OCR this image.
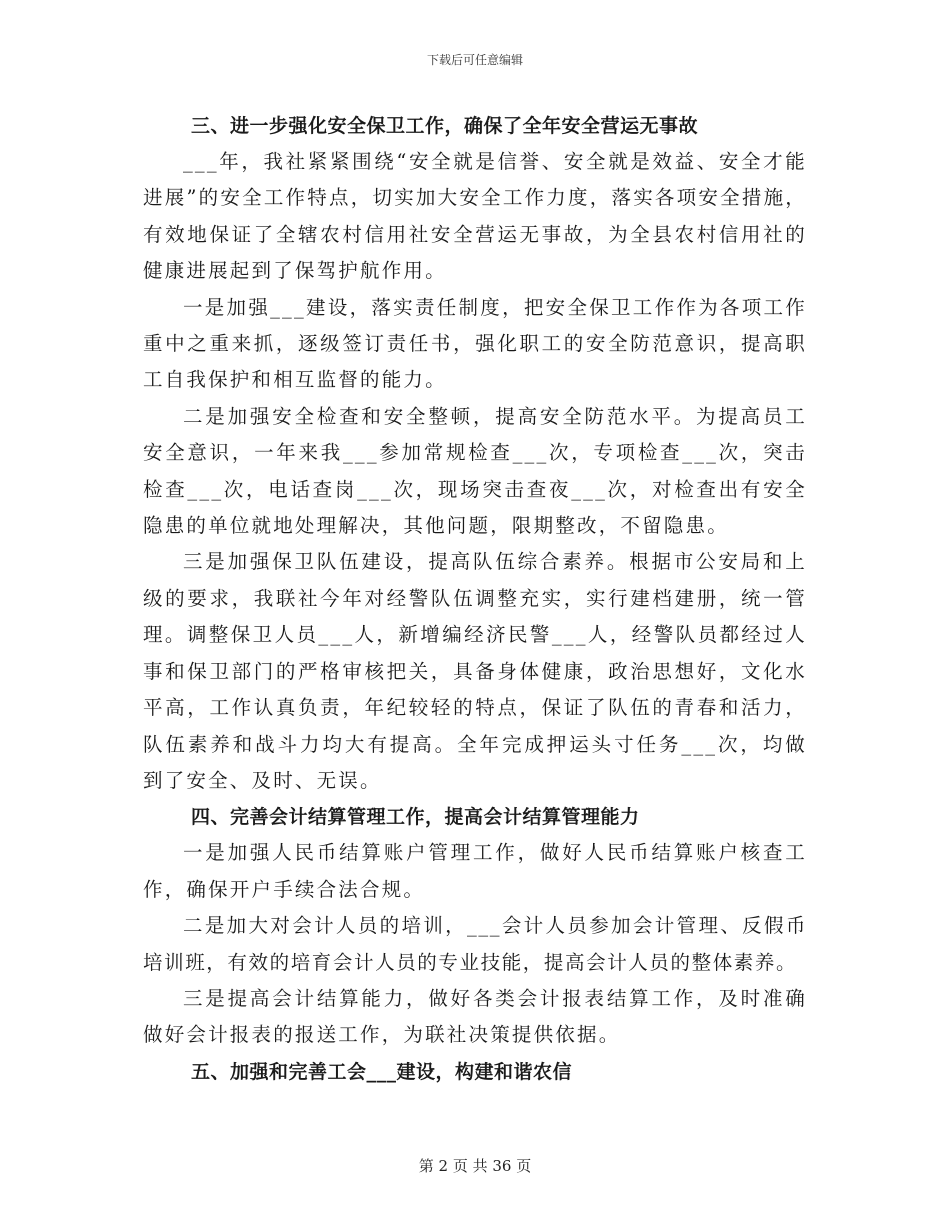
下载后可任意编辑
三、进一步强化安全保卫工作，确保了全年安全营运无事故

___年，我社紧紧围绕“安全就是信誉、安全就是效益、安全才能进展”的安全工作特点，切实加大安全工作力度，落实各项安全措施，有效地保证了全辖农村信用社安全营运无事故，为全县农村信用社的健康进展起到了保驾护航作用。

一是加强___建设，落实责任制度，把安全保卫工作作为各项工作重中之重来抓，逐级签订责任书，强化职工的安全防范意识，提高职工自我保护和相互监督的能力。

二是加强安全检查和安全整顿，提高安全防范水平。为提高员工安全意识，一年来我___参加常规检查___次，专项检查___次，突击检查___次，电话查岗___次，现场突击查夜___次，对检查出有安全隐患的单位就地处理解决，其他问题，限期整改，不留隐患。

三是加强保卫队伍建设，提高队伍综合素养。根据市公安局和上级的要求，我联社今年对经警队伍调整充实，实行建档建册，统一管理。调整保卫人员___人，新增编经济民警___人，经警队员都经过人事和保卫部门的严格审核把关，具备身体健康，政治思想好，文化水平高，工作认真负责，年纪较轻的特点，保证了队伍的青春和活力，队伍素养和战斗力均大有提高。全年完成押运头寸任务___次，均做到了安全、及时、无误。

四、完善会计结算管理工作，提高会计结算管理能力

一是加强人民币结算账户管理工作，做好人民币结算账户核查工作，确保开户手续合法合规。

二是加大对会计人员的培训，___会计人员参加会计管理、反假币培训班，有效的培育会计人员的专业技能，提高会计人员的整体素养。

三是提高会计结算能力，做好各类会计报表结算工作，及时准确做好会计报表的报送工作，为联社决策提供依据。

五、加强和完善工会___建设，构建和谐农信
第 2 页 共 36 页
